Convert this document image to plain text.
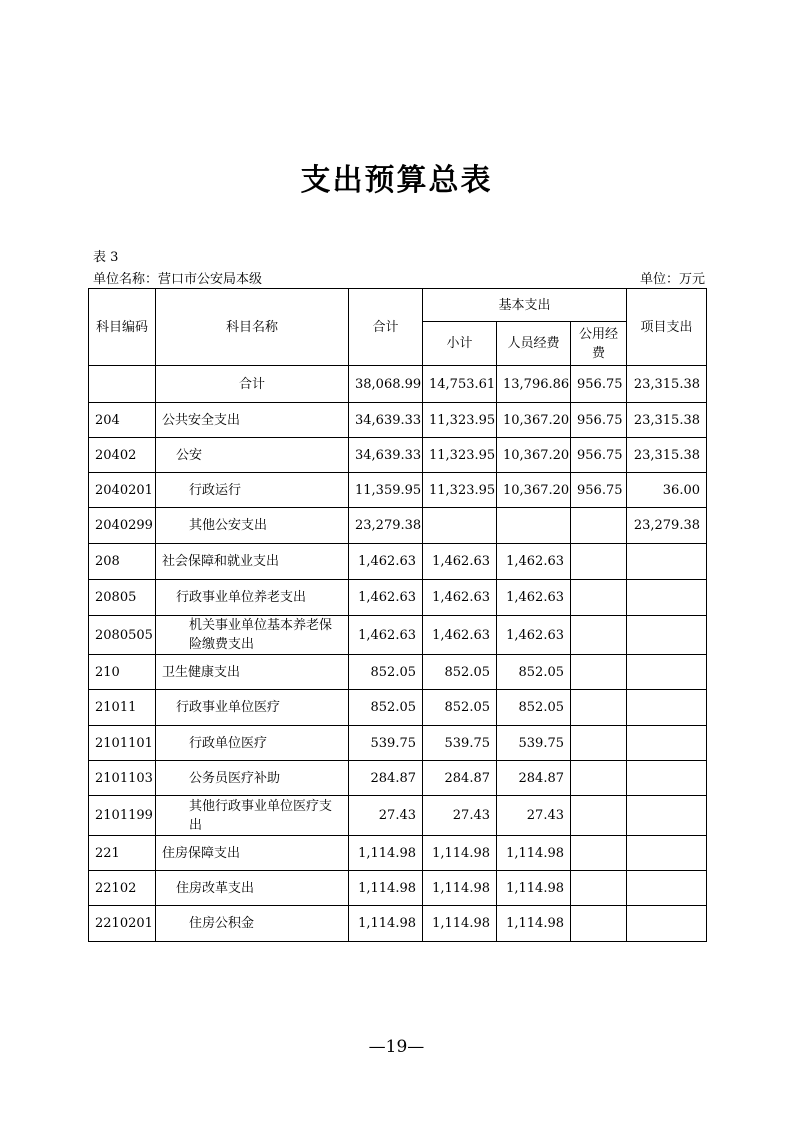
支出预算总表
表 3
单位名称：营口市公安局本级	单位：万元
科目编码	科目名称	合计	基本支出			项目支出
			小计	人员经费	公用经费	
	合计	38,068.99	14,753.61	13,796.86	956.75	23,315.38
204	公共安全支出	34,639.33	11,323.95	10,367.20	956.75	23,315.38
20402	公安	34,639.33	11,323.95	10,367.20	956.75	23,315.38
2040201	行政运行	11,359.95	11,323.95	10,367.20	956.75	36.00
2040299	其他公安支出	23,279.38				23,279.38
208	社会保障和就业支出	1,462.63	1,462.63	1,462.63		
20805	行政事业单位养老支出	1,462.63	1,462.63	1,462.63		
2080505	机关事业单位基本养老保险缴费支出	1,462.63	1,462.63	1,462.63		
210	卫生健康支出	852.05	852.05	852.05		
21011	行政事业单位医疗	852.05	852.05	852.05		
2101101	行政单位医疗	539.75	539.75	539.75		
2101103	公务员医疗补助	284.87	284.87	284.87		
2101199	其他行政事业单位医疗支出	27.43	27.43	27.43		
221	住房保障支出	1,114.98	1,114.98	1,114.98		
22102	住房改革支出	1,114.98	1,114.98	1,114.98		
2210201	住房公积金	1,114.98	1,114.98	1,114.98		
—19—
